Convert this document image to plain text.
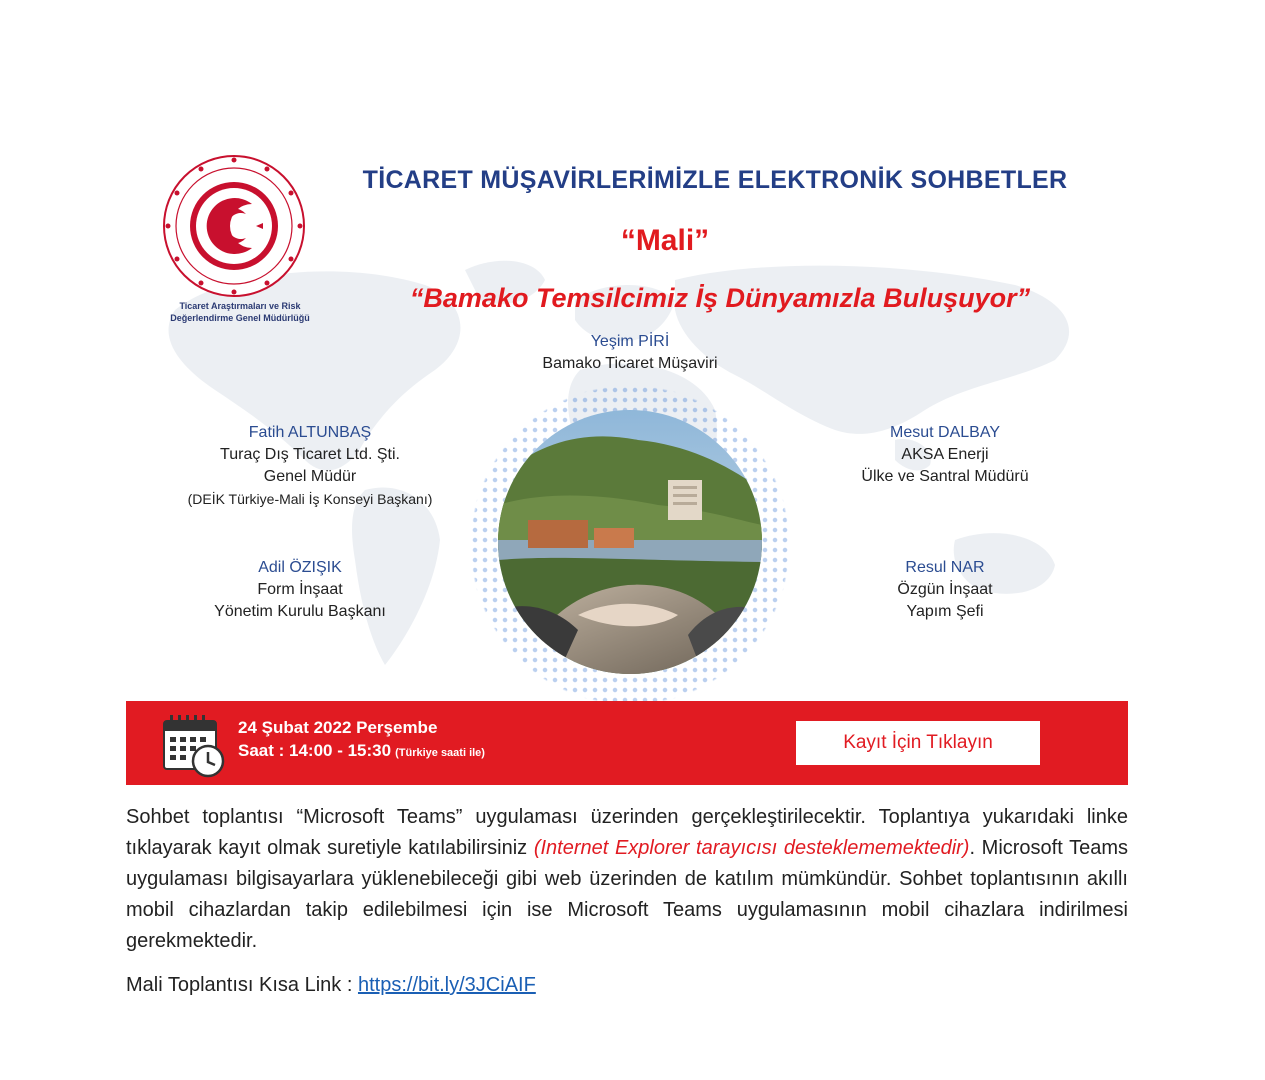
Ticaret Araştırmaları ve Risk
Değerlendirme Genel Müdürlüğü
TİCARET MÜŞAVİRLERİMİZLE ELEKTRONİK SOHBETLER
“Mali”
“Bamako Temsilcimiz İş Dünyamızla Buluşuyor”
Yeşim PİRİ
Bamako Ticaret Müşaviri
Fatih ALTUNBAŞ
Turaç Dış Ticaret Ltd. Şti.
Genel Müdür
(DEİK Türkiye-Mali İş Konseyi Başkanı)
Mesut DALBAY
AKSA Enerji
Ülke ve Santral Müdürü
Adil ÖZIŞIK
Form İnşaat
Yönetim Kurulu Başkanı
Resul NAR
Özgün İnşaat
Yapım Şefi
24 Şubat 2022 Perşembe
Saat : 14:00 - 15:30 (Türkiye saati ile)	Kayıt İçin Tıklayın

Sohbet toplantısı “Microsoft Teams” uygulaması üzerinden gerçekleştirilecektir. Toplantıya yukarıdaki linke tıklayarak kayıt olmak suretiyle katılabilirsiniz (Internet Explorer tarayıcısı desteklememektedir). Microsoft Teams uygulaması bilgisayarlara yüklenebileceği gibi web üzerinden de katılım mümkündür. Sohbet toplantısının akıllı mobil cihazlardan takip edilebilmesi için ise Microsoft Teams uygulamasının mobil cihazlara indirilmesi gerekmektedir.

Mali Toplantısı Kısa Link : https://bit.ly/3JCiAIF
